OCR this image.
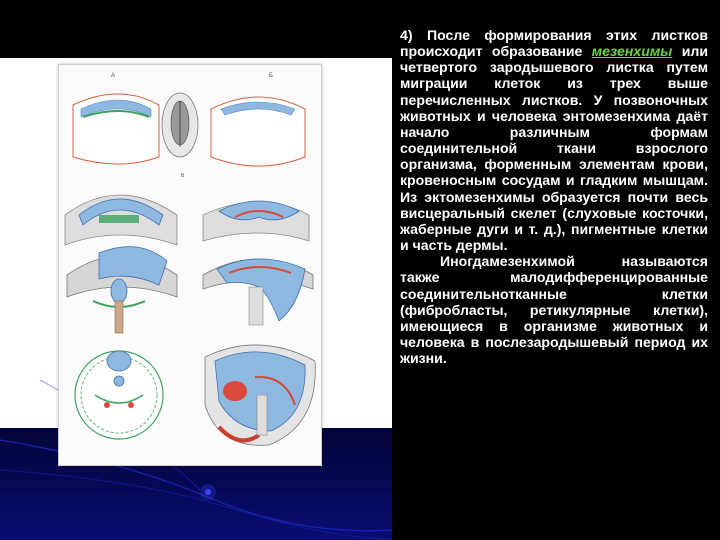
A	Б
В

4) После формирования этих листков происходит образование мезенхимы или четвертого зародышевого листка путем миграции клеток из трех выше перечисленных листков. У позвоночных животных и человека энтомезенхима даёт начало различным формам соединительной ткани взрослого организма, форменным элементам крови, кровеносным сосудам и гладким мышцам. Из эктомезенхимы образуется почти весь висцеральный скелет (слуховые косточки, жаберные дуги и т. д.), пигментные клетки и часть дермы.

Иногдамезенхимой называются также малодифференцированные соединительнотканные клетки (фибробласты, ретикулярные клетки), имеющиеся в организме животных и человека в послезародышевый период их жизни.
